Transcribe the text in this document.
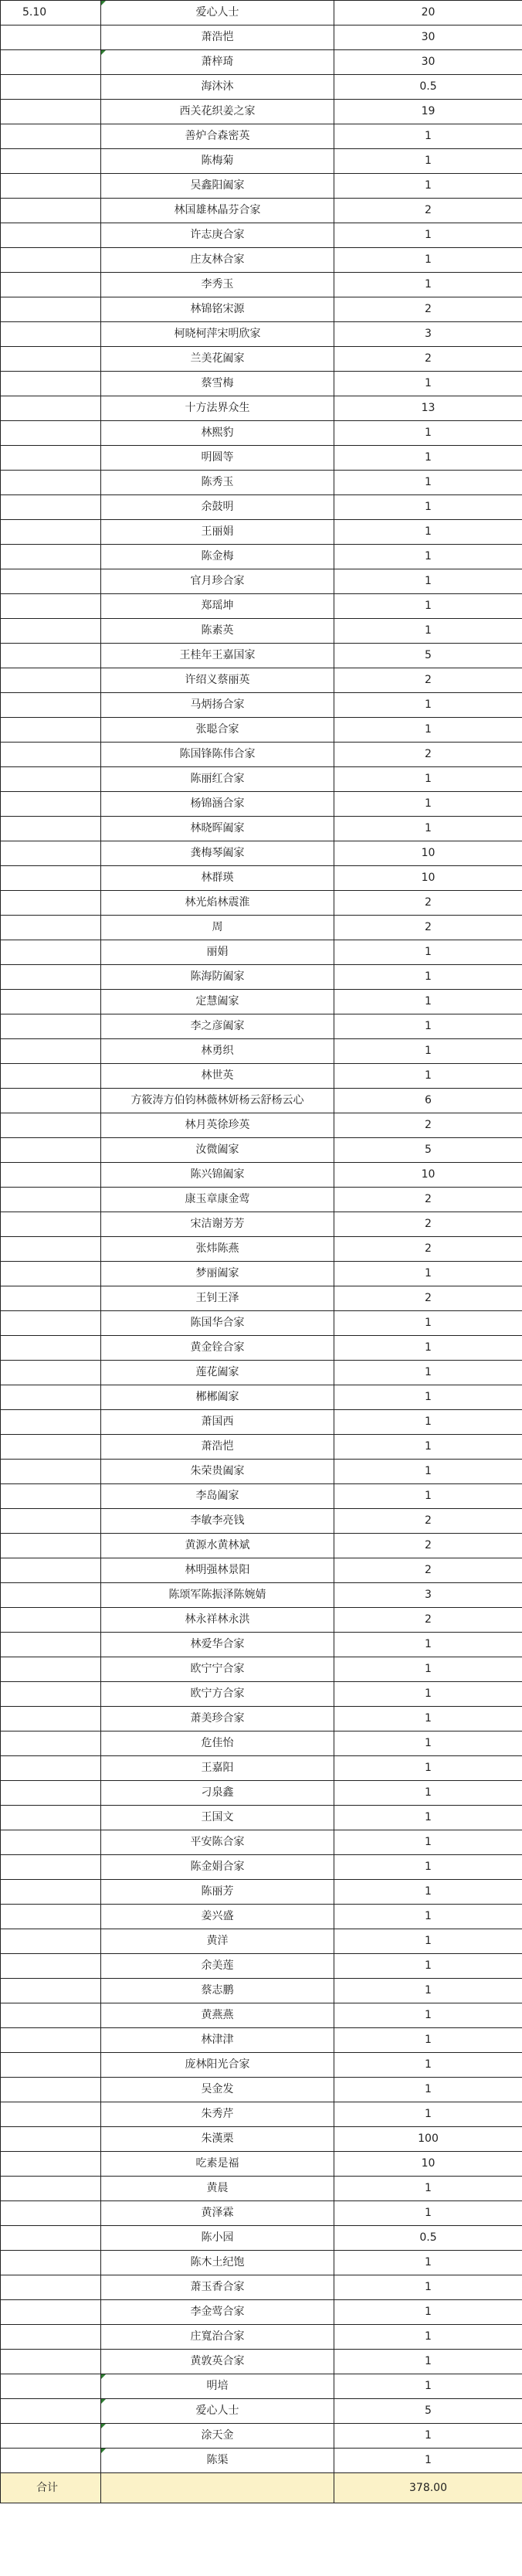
5.10	爱心人士	20
	萧浩恺	30
	萧梓琦	30
	海沐沐	0.5
	西关花织姜之家	19
	善炉合森密英	1
	陈梅菊	1
	吴鑫阳阖家	1
	林国雄林晶芬合家	2
	许志庚合家	1
	庄友林合家	1
	李秀玉	1
	林锦铭宋源	2
	柯晓柯萍宋明欣家	3
	兰美花阖家	2
	蔡雪梅	1
	十方法界众生	13
	林熙豹	1
	明圆等	1
	陈秀玉	1
	余鼓明	1
	王丽娟	1
	陈金梅	1
	官月珍合家	1
	郑瑶坤	1
	陈素英	1
	王桂年王嘉国家	5
	许绍义蔡丽英	2
	马炳扬合家	1
	张聪合家	1
	陈国锋陈伟合家	2
	陈丽红合家	1
	杨锦涵合家	1
	林晓晖阖家	1
	龚梅琴阖家	10
	林群瑛	10
	林光焰林震淮	2
	周	2
	丽娟	1
	陈海防阖家	1
	定慧阖家	1
	李之彦阖家	1
	林勇织	1
	林世英	1
	方筱涛方伯钧林薇林妍杨云舒杨云心	6
	林月英徐珍英	2
	汝微阖家	5
	陈兴锦阖家	10
	康玉章康金莺	2
	宋洁谢芳芳	2
	张炜陈燕	2
	梦丽阖家	1
	王钊王泽	2
	陈国华合家	1
	黄金铨合家	1
	莲花阖家	1
	郴郴阖家	1
	萧国西	1
	萧浩恺	1
	朱荣贵阖家	1
	李岛阖家	1
	李敏李亮钱	2
	黄源水黄林斌	2
	林明强林景阳	2
	陈颂军陈振泽陈婉婧	3
	林永祥林永洪	2
	林爱华合家	1
	欧宁宁合家	1
	欧宁方合家	1
	萧美珍合家	1
	危佳怡	1
	王嘉阳	1
	刁泉鑫	1
	王国文	1
	平安陈合家	1
	陈金娟合家	1
	陈丽芳	1
	姜兴盛	1
	黄洋	1
	余美莲	1
	蔡志鹏	1
	黄燕燕	1
	林津津	1
	庞林阳光合家	1
	吴金发	1
	朱秀芹	1
	朱漢栗	100
	吃素是福	10
	黄晨	1
	黄泽霖	1
	陈小园	0.5
	陈木土纪饱	1
	萧玉香合家	1
	李金莺合家	1
	庄寬治合家	1
	黄敦英合家	1
	明培	1
	爱心人士	5
	涂天金	1
	陈渠	1
合计		378.00
